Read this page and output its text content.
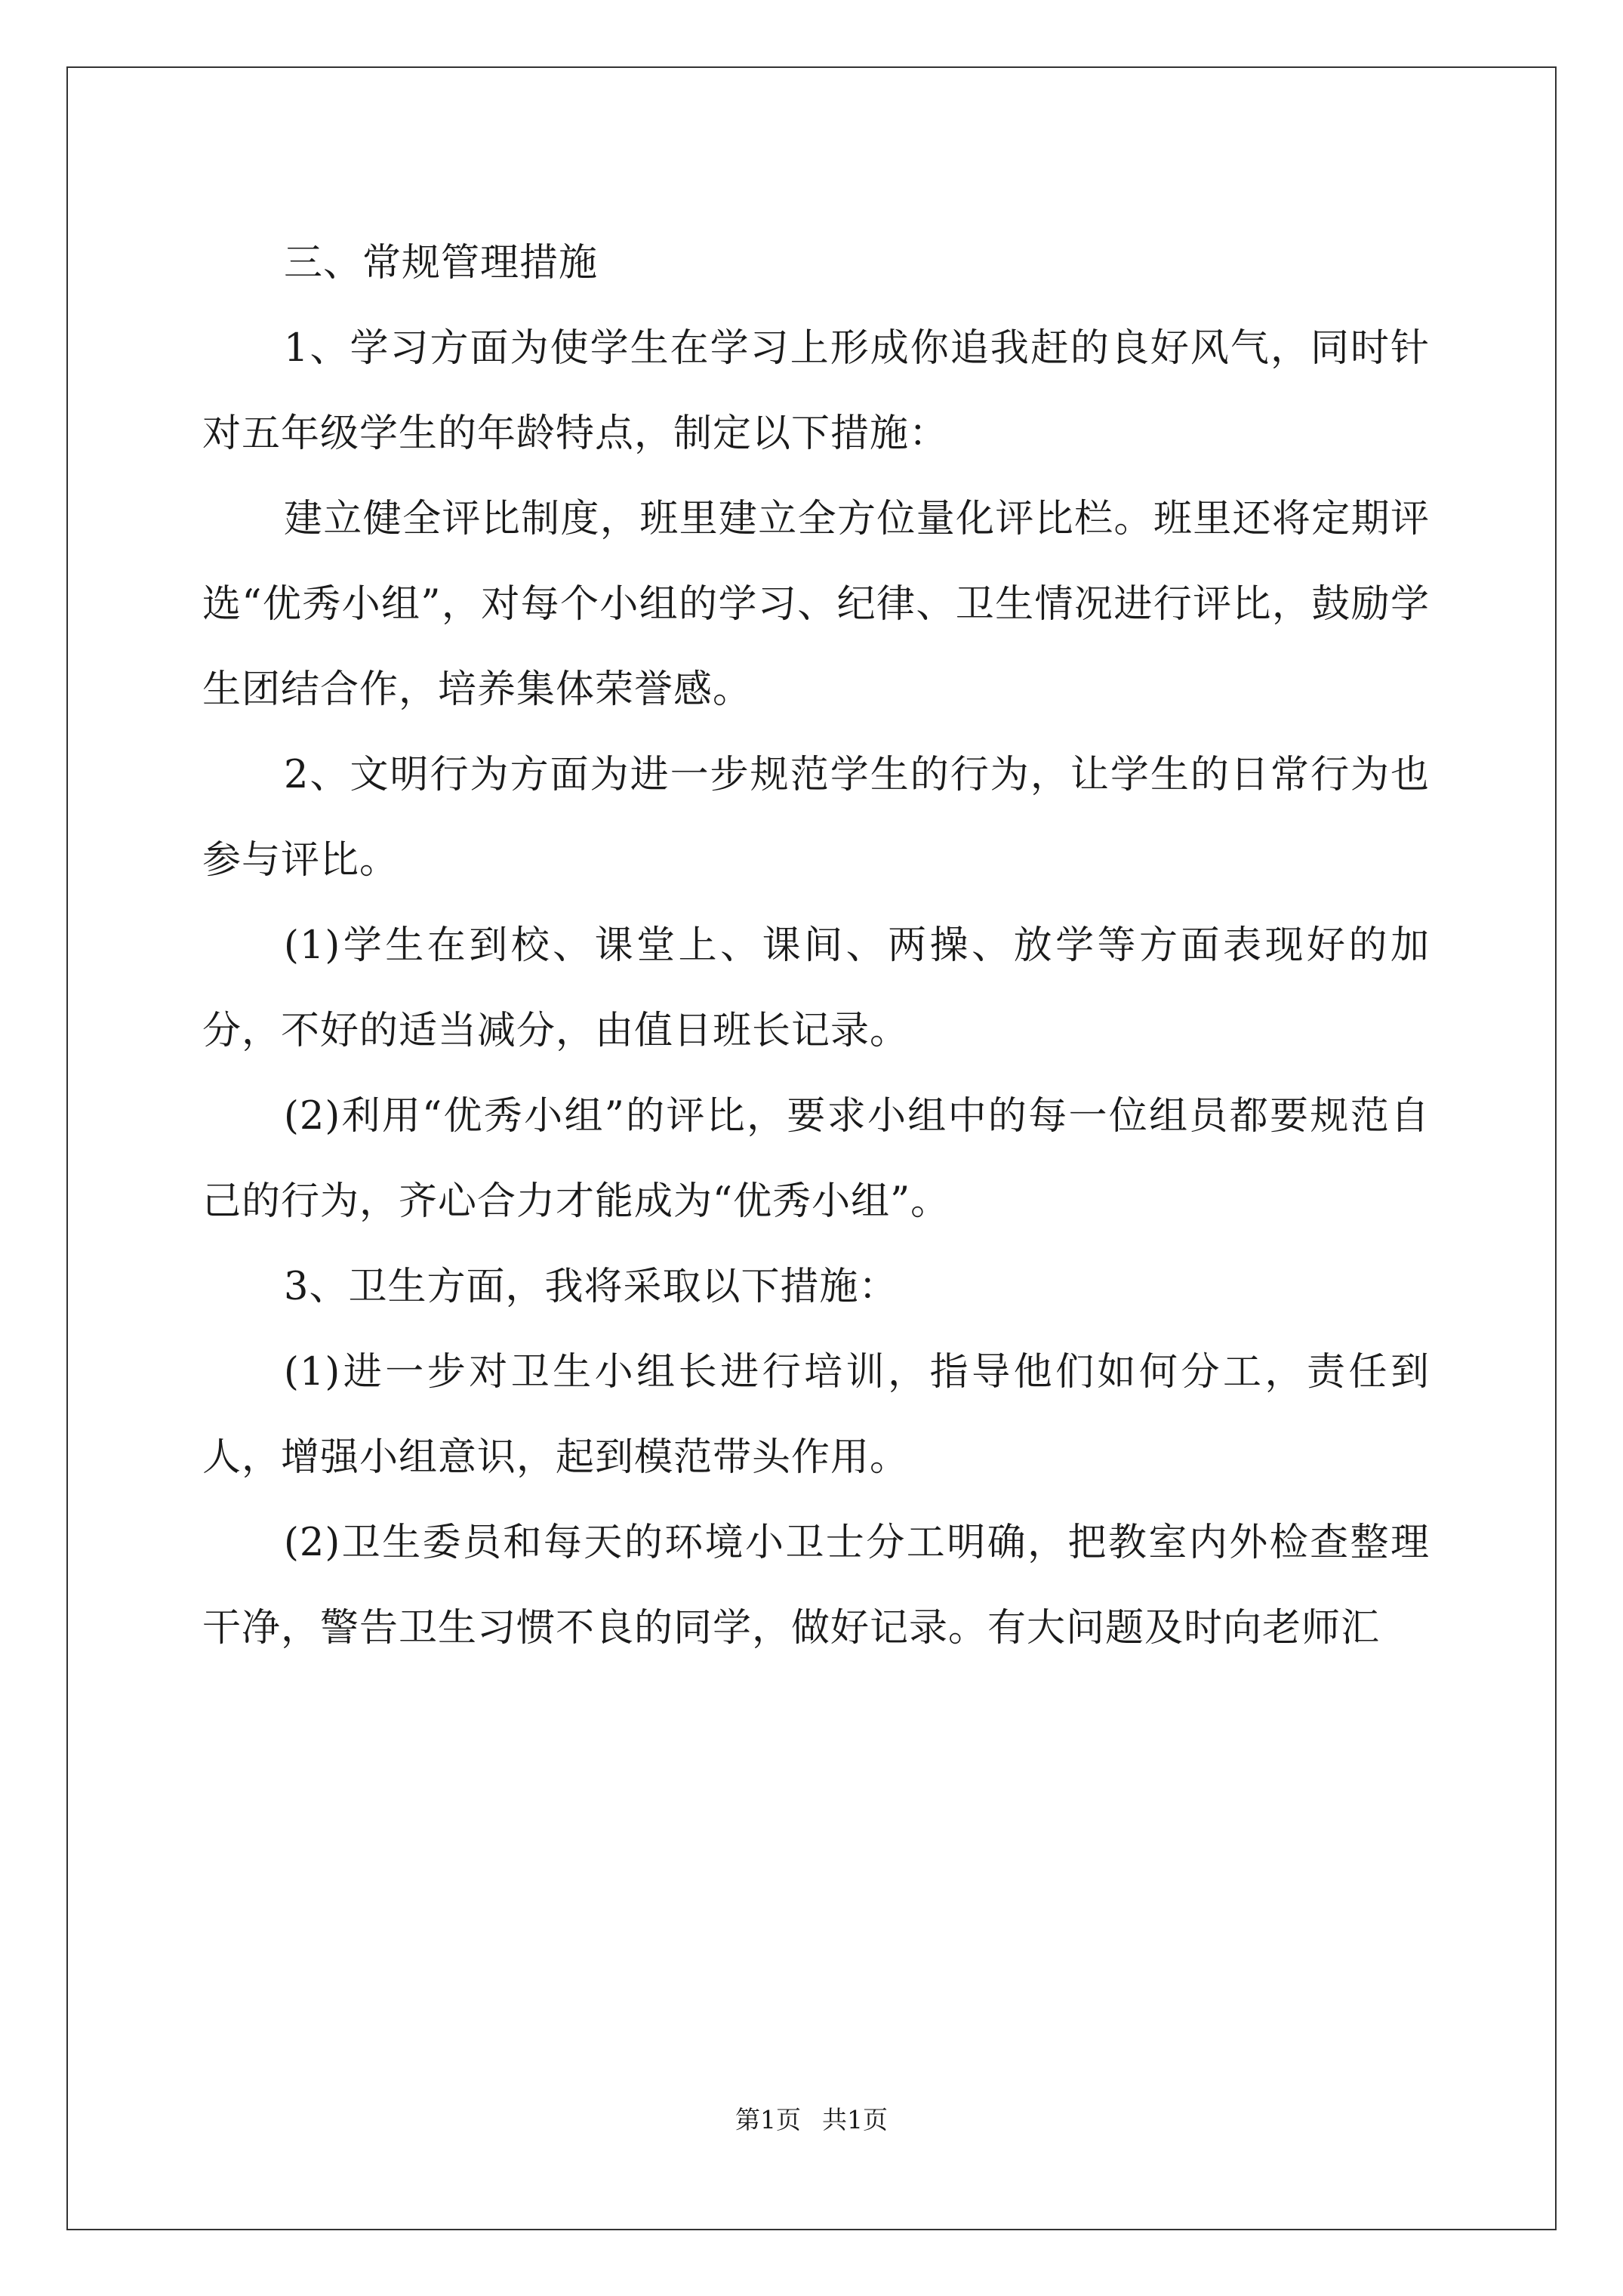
三、常规管理措施

1、学习方面为使学生在学习上形成你追我赶的良好风气，同时针对五年级学生的年龄特点，制定以下措施：

建立健全评比制度，班里建立全方位量化评比栏。班里还将定期评选“优秀小组”，对每个小组的学习、纪律、卫生情况进行评比，鼓励学生团结合作，培养集体荣誉感。

2、文明行为方面为进一步规范学生的行为，让学生的日常行为也参与评比。

(1)学生在到校、课堂上、课间、两操、放学等方面表现好的加分，不好的适当减分，由值日班长记录。

(2)利用“优秀小组”的评比，要求小组中的每一位组员都要规范自己的行为，齐心合力才能成为“优秀小组”。

3、卫生方面，我将采取以下措施：

(1)进一步对卫生小组长进行培训，指导他们如何分工，责任到人，增强小组意识，起到模范带头作用。

(2)卫生委员和每天的环境小卫士分工明确，把教室内外检查整理干净，警告卫生习惯不良的同学，做好记录。有大问题及时向老师汇

第1页 共1页
